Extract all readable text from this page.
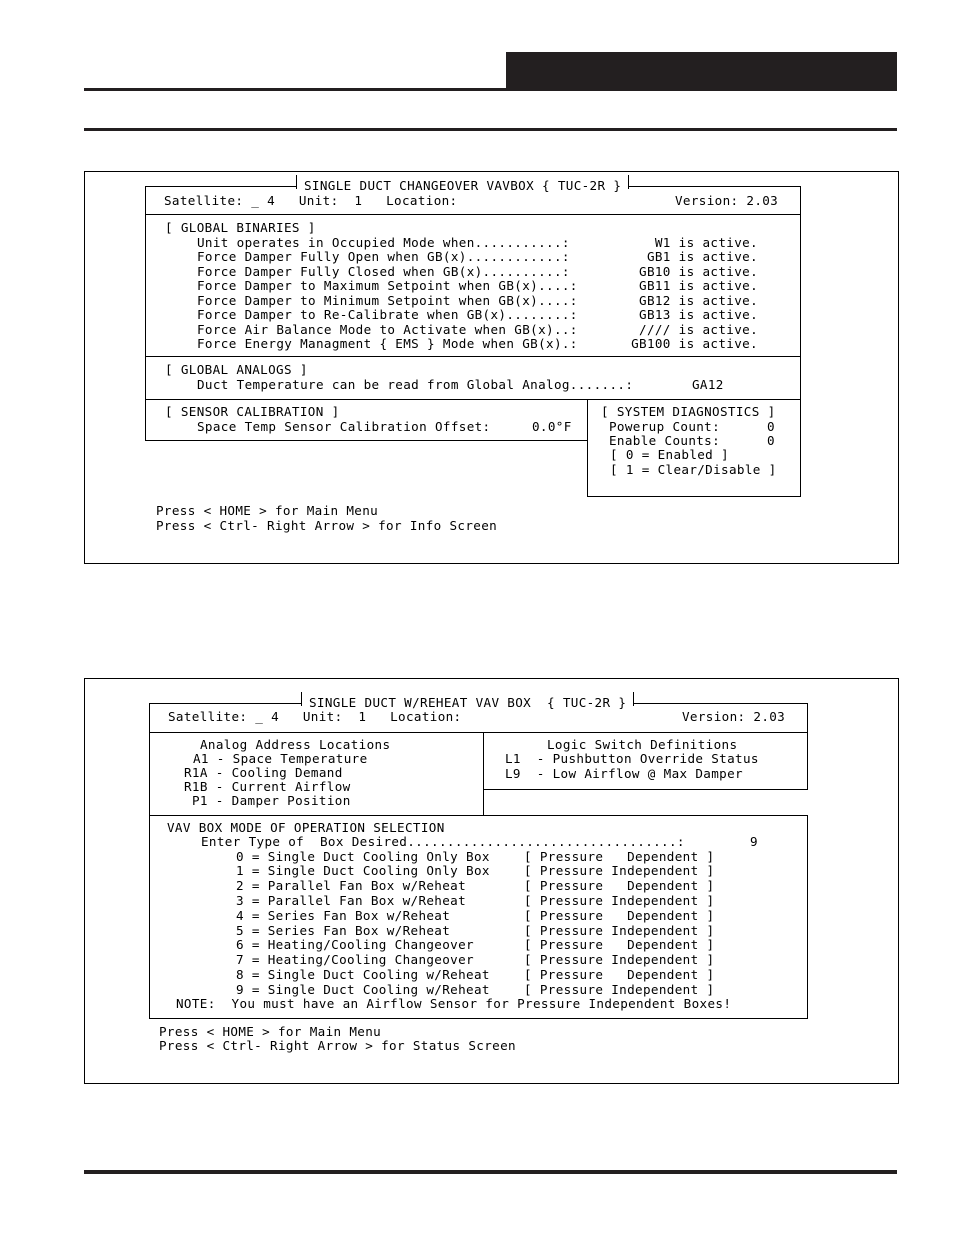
SINGLE DUCT CHANGEOVER VAVBOX { TUC-2R }
Satellite: _ 4   Unit:  1   Location:	Version: 2.03
[ GLOBAL BINARIES ]
Unit operates in Occupied Mode when...........:	W1 is active.
Force Damper Fully Open when GB(x)............:	GB1 is active.
Force Damper Fully Closed when GB(x)..........:	GB10 is active.
Force Damper to Maximum Setpoint when GB(x)....:	GB11 is active.
Force Damper to Minimum Setpoint when GB(x)....:	GB12 is active.
Force Damper to Re-Calibrate when GB(x)........:	GB13 is active.
Force Air Balance Mode to Activate when GB(x)..:	//// is active.
Force Energy Managment { EMS } Mode when GB(x).:	GB100 is active.
[ GLOBAL ANALOGS ]
Duct Temperature can be read from Global Analog.......:	GA12
[ SENSOR CALIBRATION ]
Space Temp Sensor Calibration Offset:	0.0°F
[ SYSTEM DIAGNOSTICS ]
Powerup Count:	0
Enable Counts:	0
[ 0 = Enabled ]
[ 1 = Clear/Disable ]
Press < HOME > for Main Menu
Press < Ctrl- Right Arrow > for Info Screen
SINGLE DUCT W/REHEAT VAV BOX  { TUC-2R }
Satellite: _ 4   Unit:  1   Location:	Version: 2.03
Analog Address Locations
A1 - Space Temperature
R1A - Cooling Demand
R1B - Current Airflow
P1 - Damper Position
Logic Switch Definitions
L1  - Pushbutton Override Status
L9  - Low Airflow @ Max Damper
VAV BOX MODE OF OPERATION SELECTION
Enter Type of  Box Desired..................................:	9
0 = Single Duct Cooling Only Box	[ Pressure   Dependent ]
1 = Single Duct Cooling Only Box	[ Pressure Independent ]
2 = Parallel Fan Box w/Reheat	[ Pressure   Dependent ]
3 = Parallel Fan Box w/Reheat	[ Pressure Independent ]
4 = Series Fan Box w/Reheat	[ Pressure   Dependent ]
5 = Series Fan Box w/Reheat	[ Pressure Independent ]
6 = Heating/Cooling Changeover	[ Pressure   Dependent ]
7 = Heating/Cooling Changeover	[ Pressure Independent ]
8 = Single Duct Cooling w/Reheat	[ Pressure   Dependent ]
9 = Single Duct Cooling w/Reheat	[ Pressure Independent ]
NOTE:  You must have an Airflow Sensor for Pressure Independent Boxes!
Press < HOME > for Main Menu
Press < Ctrl- Right Arrow > for Status Screen
